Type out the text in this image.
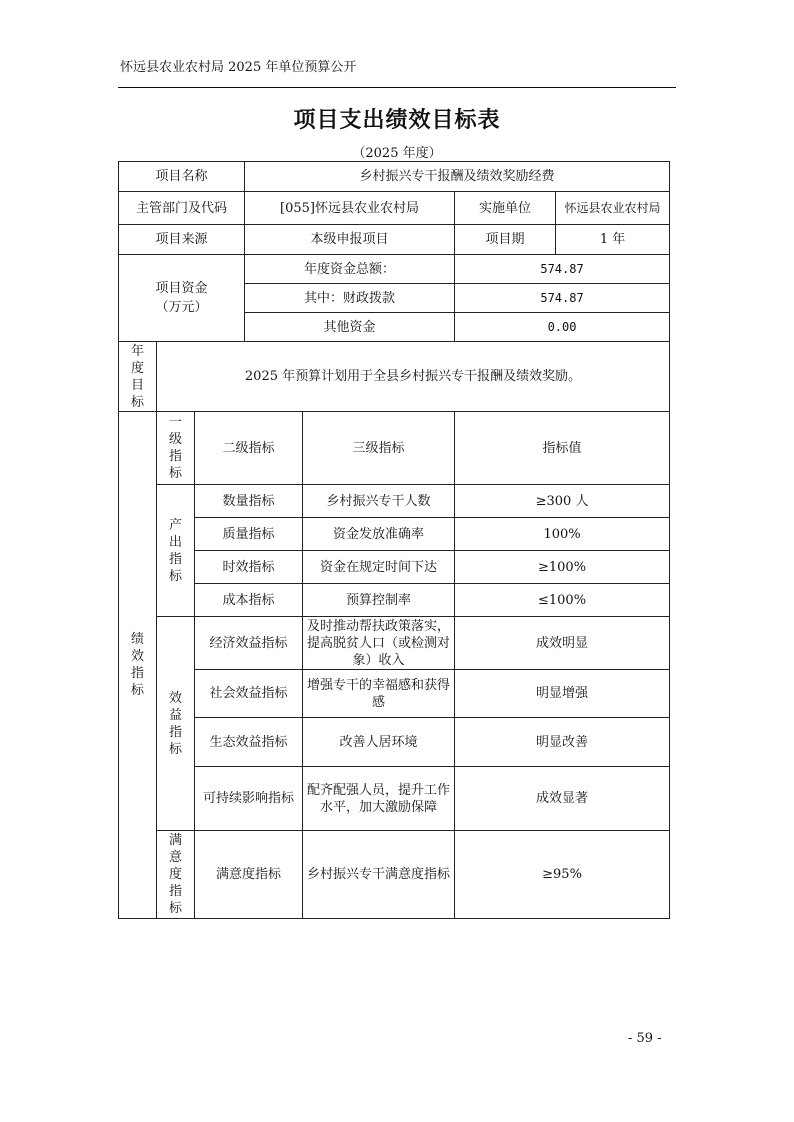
怀远县农业农村局 2025 年单位预算公开
项目支出绩效目标表
（2025 年度）
项目名称			乡村振兴专干报酬及绩效奖励经费			
主管部门及代码			[055]怀远县农业农村局		实施单位	怀远县农业农村局
项目来源			本级申报项目		项目期	1 年
项目资金（万元）			年度资金总额：		574.87	
			其中：财政拨款		574.87	
			其他资金		0.00	
年度目标	2025 年预算计划用于全县乡村振兴专干报酬及绩效奖励。					
绩效指标	一级指标	二级指标		三级指标	指标值	
	产出指标	数量指标		乡村振兴专干人数	≥300 人	
		质量指标		资金发放准确率	100%	
		时效指标		资金在规定时间下达	≥100%	
		成本指标		预算控制率	≤100%	
	效益指标	经济效益指标		及时推动帮扶政策落实，提高脱贫人口（或检测对象）收入	成效明显	
		社会效益指标		增强专干的幸福感和获得感	明显增强	
		生态效益指标		改善人居环境	明显改善	
		可持续影响指标		配齐配强人员，提升工作水平，加大激励保障	成效显著	
	满意度指标	满意度指标		乡村振兴专干满意度指标	≥95%	
- 59 -
